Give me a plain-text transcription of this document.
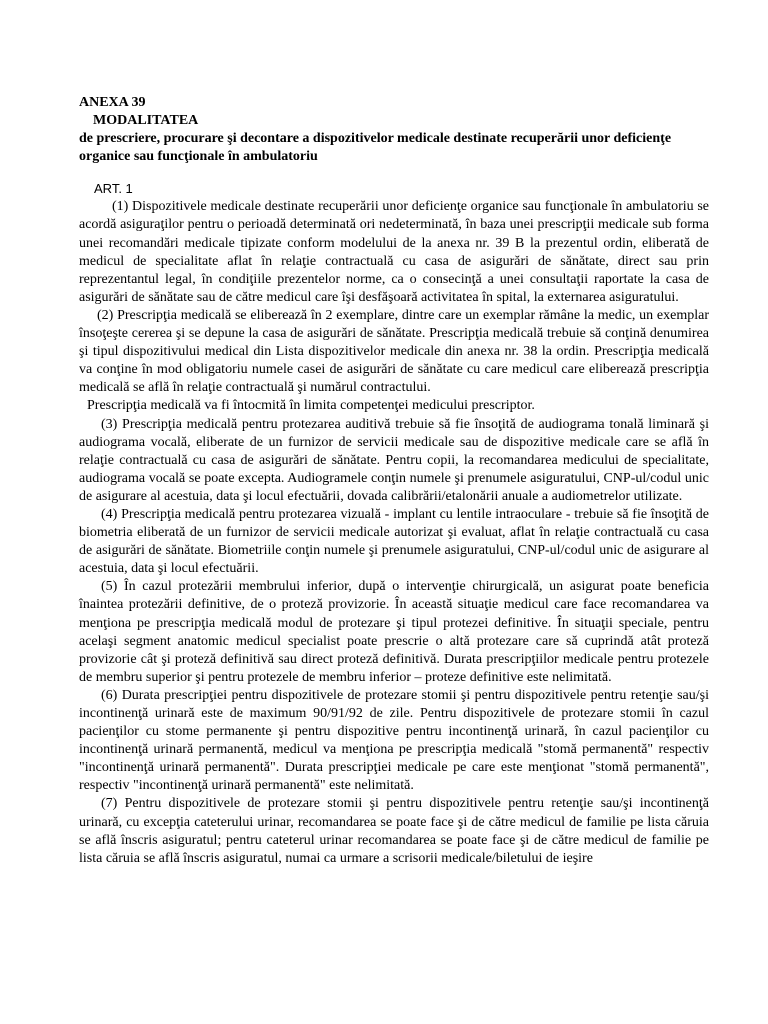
ANEXA 39

MODALITATEA

de prescriere, procurare şi decontare a dispozitivelor medicale destinate recuperării unor deficienţe organice sau funcţionale în ambulatoriu

ART. 1

(1) Dispozitivele medicale destinate recuperării unor deficienţe organice sau funcţionale în ambulatoriu se acordă asiguraţilor pentru o perioadă determinată ori nedeterminată, în baza unei prescripţii medicale sub forma unei recomandări medicale tipizate conform modelului de la anexa nr. 39 B la prezentul ordin, eliberată de medicul de specialitate aflat în relaţie contractuală cu casa de asigurări de sănătate, direct sau prin reprezentantul legal, în condiţiile prezentelor norme, ca o consecinţă a unei consultaţii raportate la casa de asigurări de sănătate sau de către medicul care îşi desfăşoară activitatea în spital, la externarea asiguratului.

(2) Prescripţia medicală se eliberează în 2 exemplare, dintre care un exemplar rămâne la medic, un exemplar însoţeşte cererea şi se depune la casa de asigurări de sănătate. Prescripţia medicală trebuie să conţină denumirea şi tipul dispozitivului medical din Lista dispozitivelor medicale din anexa nr. 38 la ordin. Prescripţia medicală va conţine în mod obligatoriu numele casei de asigurări de sănătate cu care medicul care eliberează prescripţia medicală se află în relaţie contractuală şi numărul contractului.

Prescripţia medicală va fi întocmită în limita competenţei medicului prescriptor.

(3) Prescripţia medicală pentru protezarea auditivă trebuie să fie însoţită de audiograma tonală liminară şi audiograma vocală, eliberate de un furnizor de servicii medicale sau de dispozitive medicale care se află în relaţie contractuală cu casa de asigurări de sănătate. Pentru copii, la recomandarea medicului de specialitate, audiograma vocală se poate excepta. Audiogramele conţin numele şi prenumele asiguratului, CNP-ul/codul unic de asigurare al acestuia, data şi locul efectuării, dovada calibrării/etalonării anuale a audiometrelor utilizate.

(4) Prescripţia medicală pentru protezarea vizuală - implant cu lentile intraoculare - trebuie să fie însoţită de biometria eliberată de un furnizor de servicii medicale autorizat şi evaluat, aflat în relaţie contractuală cu casa de asigurări de sănătate. Biometriile conţin numele şi prenumele asiguratului, CNP-ul/codul unic de asigurare al acestuia, data şi locul efectuării.

(5) În cazul protezării membrului inferior, după o intervenţie chirurgicală, un asigurat poate beneficia înaintea protezării definitive, de o proteză provizorie. În această situaţie medicul care face recomandarea va menţiona pe prescripţia medicală modul de protezare şi tipul protezei definitive. În situaţii speciale, pentru acelaşi segment anatomic medicul specialist poate prescrie o altă protezare care să cuprindă atât proteză provizorie cât şi proteză definitivă sau direct proteză definitivă. Durata prescripţiilor medicale pentru protezele de membru superior şi pentru protezele de membru inferior – proteze definitive este nelimitată.

(6) Durata prescripţiei pentru dispozitivele de protezare stomii şi pentru dispozitivele pentru retenţie sau/şi incontinenţă urinară este de maximum 90/91/92 de zile. Pentru dispozitivele de protezare stomii în cazul pacienţilor cu stome permanente şi pentru dispozitive pentru incontinenţă urinară, în cazul pacienţilor cu incontinenţă urinară permanentă, medicul va menţiona pe prescripţia medicală "stomă permanentă" respectiv "incontinenţă urinară permanentă". Durata prescripţiei medicale pe care este menţionat "stomă permanentă", respectiv "incontinenţă urinară permanentă" este nelimitată.

(7) Pentru dispozitivele de protezare stomii şi pentru dispozitivele pentru retenţie sau/şi incontinenţă urinară, cu excepţia cateterului urinar, recomandarea se poate face şi de către medicul de familie pe lista căruia se află înscris asiguratul; pentru cateterul urinar recomandarea se poate face şi de către medicul de familie pe lista căruia se află înscris asiguratul, numai ca urmare a scrisorii medicale/biletului de ieşire
